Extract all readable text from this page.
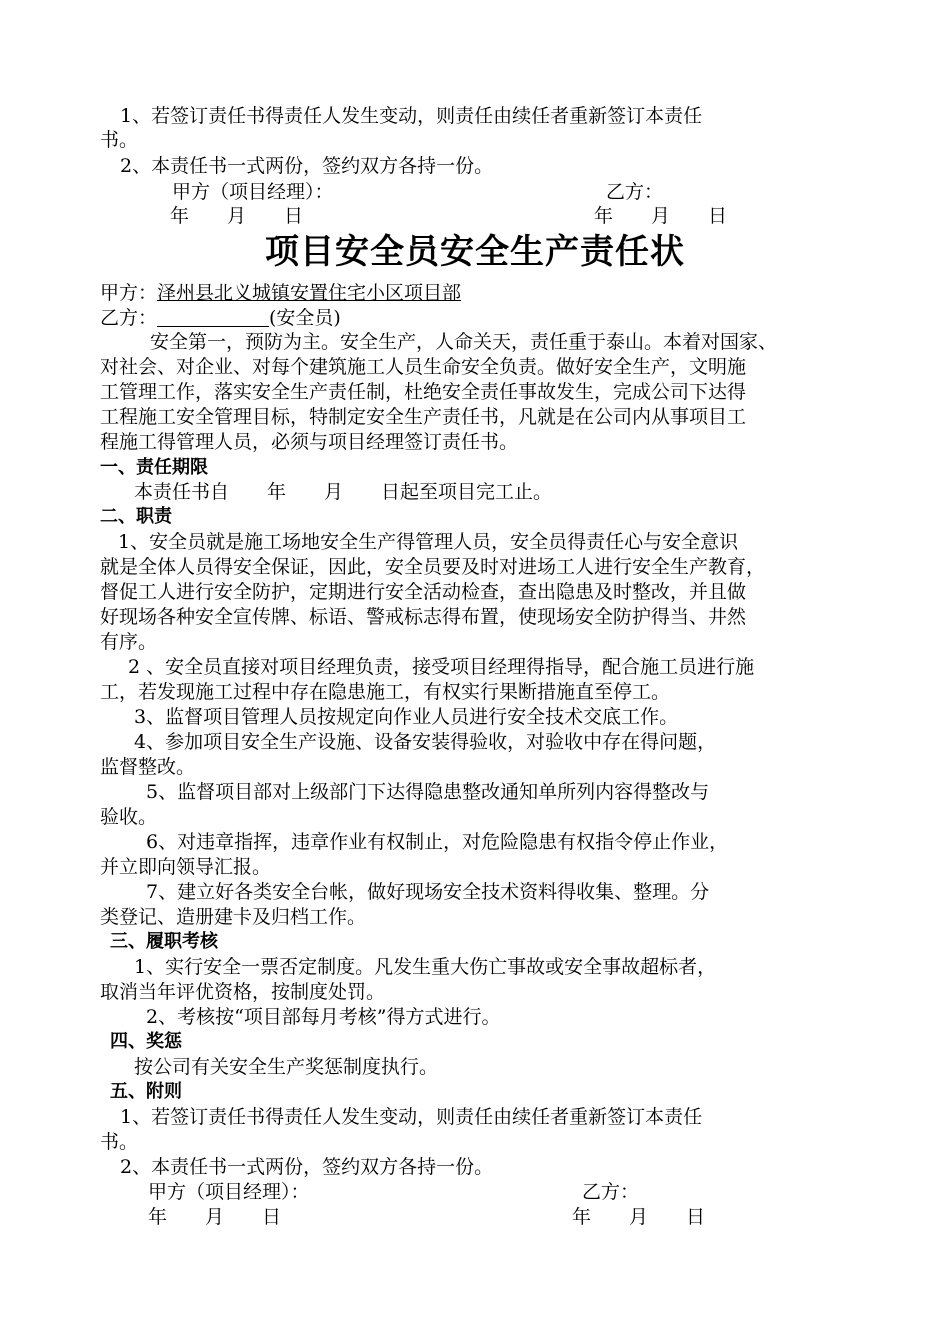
1、若签订责任书得责任人发生变动，则责任由续任者重新签订本责任
书。
2、本责任书一式两份，签约双方各持一份。
甲方（项目经理）：	乙方：
年　　月　　日	年　　月　　日
项目安全员安全生产责任状
甲方：泽州县北义城镇安置住宅小区项目部
乙方：	(安全员)
安全第一，预防为主。安全生产，人命关天，责任重于泰山。本着对国家、
对社会、对企业、对每个建筑施工人员生命安全负责。做好安全生产，文明施
工管理工作，落实安全生产责任制，杜绝安全责任事故发生，完成公司下达得
工程施工安全管理目标，特制定安全生产责任书，凡就是在公司内从事项目工
程施工得管理人员，必须与项目经理签订责任书。
一、责任期限
本责任书自　　年　　月　　日起至项目完工止。
二、职责
1、安全员就是施工场地安全生产得管理人员，安全员得责任心与安全意识
就是全体人员得安全保证，因此，安全员要及时对进场工人进行安全生产教育，
督促工人进行安全防护，定期进行安全活动检查，查出隐患及时整改，并且做
好现场各种安全宣传牌、标语、警戒标志得布置，使现场安全防护得当、井然
有序。
2 、安全员直接对项目经理负责，接受项目经理得指导，配合施工员进行施
工，若发现施工过程中存在隐患施工，有权实行果断措施直至停工。
3、监督项目管理人员按规定向作业人员进行安全技术交底工作。
4、参加项目安全生产设施、设备安装得验收，对验收中存在得问题，
监督整改。
5、监督项目部对上级部门下达得隐患整改通知单所列内容得整改与
验收。
6、对违章指挥，违章作业有权制止，对危险隐患有权指令停止作业，
并立即向领导汇报。
7、建立好各类安全台帐，做好现场安全技术资料得收集、整理。分
类登记、造册建卡及归档工作。
三、履职考核
1、实行安全一票否定制度。凡发生重大伤亡事故或安全事故超标者，
取消当年评优资格，按制度处罚。
2、考核按“项目部每月考核”得方式进行。
四、奖惩
按公司有关安全生产奖惩制度执行。
五、附则
1、若签订责任书得责任人发生变动，则责任由续任者重新签订本责任
书。
2、本责任书一式两份，签约双方各持一份。
甲方（项目经理）：	乙方：
年　　月　　日	年　　月　　日
